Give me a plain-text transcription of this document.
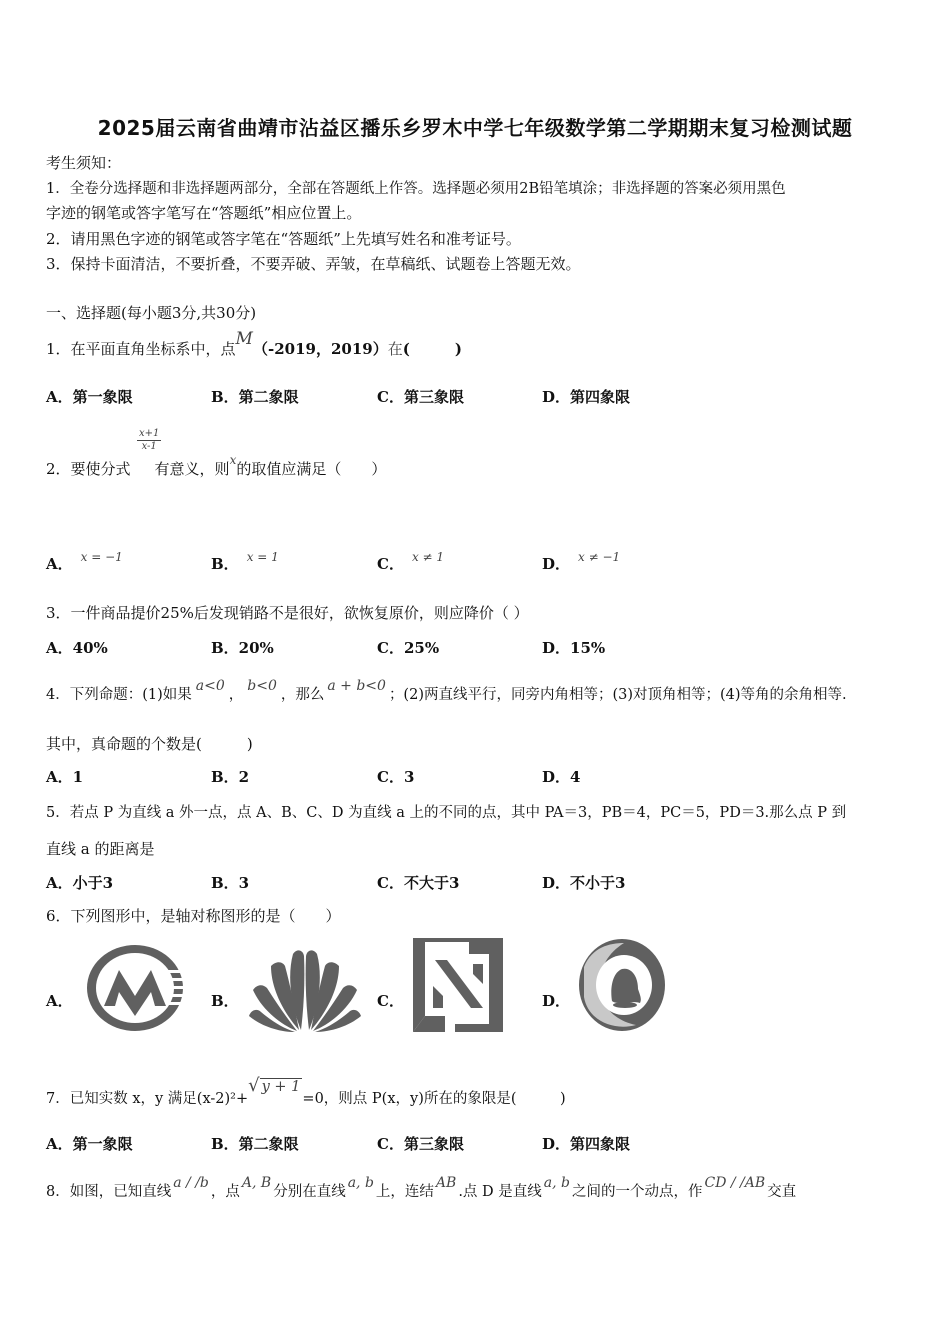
2025届云南省曲靖市沾益区播乐乡罗木中学七年级数学第二学期期末复习检测试题
考生须知：
1．全卷分选择题和非选择题两部分，全部在答题纸上作答。选择题必须用2B铅笔填涂；非选择题的答案必须用黑色
字迹的钢笔或答字笔写在“答题纸”相应位置上。
2．请用黑色字迹的钢笔或答字笔在“答题纸”上先填写姓名和准考证号。
3．保持卡面清洁，不要折叠，不要弄破、弄皱，在草稿纸、试题卷上答题无效。
一、选择题(每小题3分,共30分)
1．在平面直角坐标系中，点M（-2019，2019）在(　　　)
A．第一象限	B．第二象限	C．第三象限	D．第四象限
$\frac{x+1}{x-1}$
2．要使分式 有意义，则$^x$的取值应满足（　　）
A． $^{x = -1}$	B． $^{x = 1}$	C． $^{x \ne 1}$	D． $^{x \ne -1}$
3．一件商品提价25%后发现销路不是很好，欲恢复原价，则应降价（ ）
A．40%	B．20%	C．25%	D．15%
4．下列命题：(1)如果a<0，b<0，那么a + b<0；(2)两直线平行，同旁内角相等；(3)对顶角相等；(4)等角的余角相等.
其中，真命题的个数是(　　　)
A．1	B．2	C．3	D．4
5．若点 P 为直线 a 外一点，点 A、B、C、D 为直线 a 上的不同的点，其中 PA＝3，PB＝4，PC＝5，PD＝3.那么点 P 到
直线 a 的距离是
A．小于3	B．3	C．不大于3	D．不小于3
6．下列图形中，是轴对称图形的是（　　）
A．	B．	C．	D．
7．已知实数 x，y 满足(x-2)²+√ y + 1=0，则点 P(x，y)所在的象限是(　　　)
A．第一象限	B．第二象限	C．第三象限	D．第四象限
8．如图，已知直线a / /b，点A, B分别在直线a, b上，连结AB.点 D 是直线a, b之间的一个动点，作CD / /AB交直
